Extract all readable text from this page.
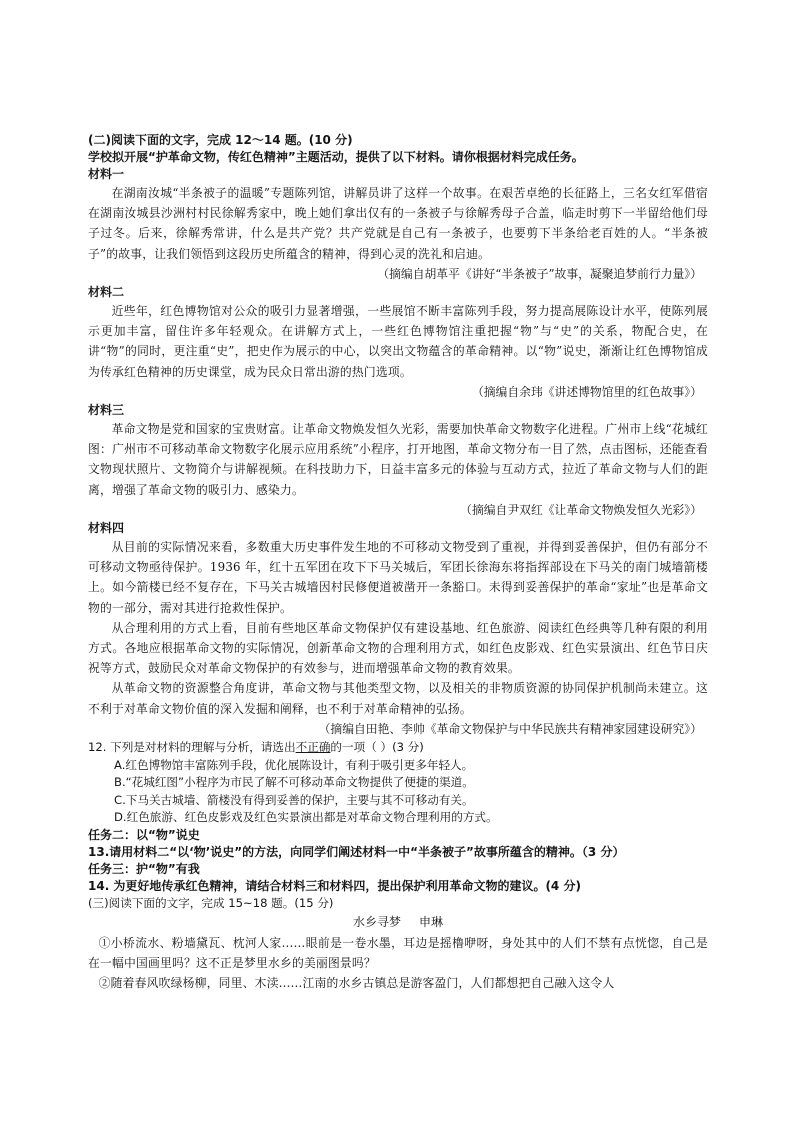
(二)阅读下面的文字，完成 12～14 题。(10 分)
学校拟开展“护革命文物，传红色精神”主题活动，提供了以下材料。请你根据材料完成任务。
材料一

在湖南汝城“半条被子的温暖”专题陈列馆，讲解员讲了这样一个故事。在艰苦卓绝的长征路上，三名女红军借宿在湖南汝城县沙洲村村民徐解秀家中，晚上她们拿出仅有的一条被子与徐解秀母子合盖，临走时剪下一半留给他们母子过冬。后来，徐解秀常讲，什么是共产党？共产党就是自己有一条被子，也要剪下半条给老百姓的人。“半条被子”的故事，让我们领悟到这段历史所蕴含的精神，得到心灵的洗礼和启迪。

（摘编自胡革平《讲好“半条被子”故事，凝聚追梦前行力量》）

材料二

近些年，红色博物馆对公众的吸引力显著增强，一些展馆不断丰富陈列手段，努力提高展陈设计水平，使陈列展示更加丰富，留住许多年轻观众。在讲解方式上，一些红色博物馆注重把握“物”与“史”的关系，物配合史，在讲“物”的同时，更注重“史”，把史作为展示的中心，以突出文物蕴含的革命精神。以“物”说史，渐渐让红色博物馆成为传承红色精神的历史课堂，成为民众日常出游的热门选项。

（摘编自余玮《讲述博物馆里的红色故事》）

材料三

革命文物是党和国家的宝贵财富。让革命文物焕发恒久光彩，需要加快革命文物数字化进程。广州市上线“花城红图：广州市不可移动革命文物数字化展示应用系统”小程序，打开地图，革命文物分布一目了然，点击图标，还能查看文物现状照片、文物简介与讲解视频。在科技助力下，日益丰富多元的体验与互动方式，拉近了革命文物与人们的距离，增强了革命文物的吸引力、感染力。

（摘编自尹双红《让革命文物焕发恒久光彩》）

材料四

从目前的实际情况来看，多数重大历史事件发生地的不可移动文物受到了重视，并得到妥善保护，但仍有部分不可移动文物亟待保护。1936 年，红十五军团在攻下下马关城后，军团长徐海东将指挥部设在下马关的南门城墙箭楼上。如今箭楼已经不复存在，下马关古城墙因村民修便道被凿开一条豁口。未得到妥善保护的革命“家址”也是革命文物的一部分，需对其进行抢救性保护。

从合理利用的方式上看，目前有些地区革命文物保护仅有建设基地、红色旅游、阅读红色经典等几种有限的利用方式。各地应根据革命文物的实际情况，创新革命文物的合理利用方式，如红色皮影戏、红色实景演出、红色节日庆祝等方式，鼓励民众对革命文物保护的有效参与，进而增强革命文物的教育效果。

从革命文物的资源整合角度讲，革命文物与其他类型文物，以及相关的非物质资源的协同保护机制尚未建立。这不利于对革命文物价值的深入发掘和阐释，也不利于对革命精神的弘扬。

（摘编自田艳、李帅《革命文物保护与中华民族共有精神家园建设研究》）

12. 下列是对材料的理解与分析，请选出不正确的一项（ ）(3 分)
A.红色博物馆丰富陈列手段，优化展陈设计，有利于吸引更多年轻人。
B.“花城红图”小程序为市民了解不可移动革命文物提供了便捷的渠道。
C.下马关古城墙、箭楼没有得到妥善的保护，主要与其不可移动有关。
D.红色旅游、红色皮影戏及红色实景演出都是对革命文物合理利用的方式。
任务二：以“物”说史
13.请用材料二“以‘物’说史”的方法，向同学们阐述材料一中“半条被子”故事所蕴含的精神。（3 分）
任务三：护“物”有我
14. 为更好地传承红色精神，请结合材料三和材料四，提出保护利用革命文物的建议。(4 分)
(三)阅读下面的文字，完成 15~18 题。(15 分)
水乡寻梦 申琳

①小桥流水、粉墙黛瓦、枕河人家……眼前是一卷水墨，耳边是摇橹咿呀，身处其中的人们不禁有点恍惚，自己是在一幅中国画里吗？这不正是梦里水乡的美丽图景吗？

②随着春风吹绿杨柳，同里、木渎……江南的水乡古镇总是游客盈门，人们都想把自己融入这令人
